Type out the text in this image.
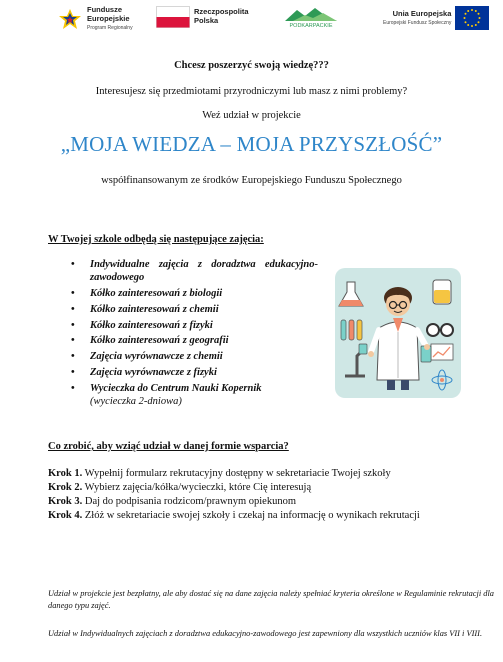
Fundusze
Europejskie
Program Regionalny
Rzeczpospolita
Polska
PODKARPACKIE
Unia Europejska
Europejski Fundusz Społeczny
Chcesz poszerzyć swoją wiedzę???
Interesujesz się przedmiotami przyrodniczymi lub masz z nimi problemy?
Weź udział w projekcie
„MOJA WIEDZA – MOJA PRZYSZŁOŚĆ”
współfinansowanym ze środków Europejskiego Funduszu Społecznego
W Twojej szkole odbędą się następujące zajęcia:
• Indywidualne zajęcia z doradztwa edukacyjno-zawodowego
• Kółko zainteresowań z biologii
• Kółko zainteresowań z chemii
• Kółko zainteresowań z fizyki
• Kółko zainteresowań z geografii
• Zajęcia wyrównawcze z chemii
• Zajęcia wyrównawcze z fizyki
• Wycieczka do Centrum Nauki Kopernik
(wycieczka 2-dniowa)
Co zrobić, aby wziąć udział w danej formie wsparcia?
Krok 1. Wypełnij formularz rekrutacyjny dostępny w sekretariacie Twojej szkoły
Krok 2. Wybierz zajęcia/kółka/wycieczki, które Cię interesują
Krok 3. Daj do podpisania rodzicom/prawnym opiekunom
Krok 4. Złóż w sekretariacie swojej szkoły i czekaj na informację o wynikach rekrutacji
Udział w projekcie jest bezpłatny, ale aby dostać się na dane zajęcia należy spełniać kryteria określone w Regulaminie rekrutacji dla danego typu zajęć.
Udział w Indywidualnych zajęciach z doradztwa edukacyjno-zawodowego jest zapewniony dla wszystkich uczniów klas VII i VIII.
